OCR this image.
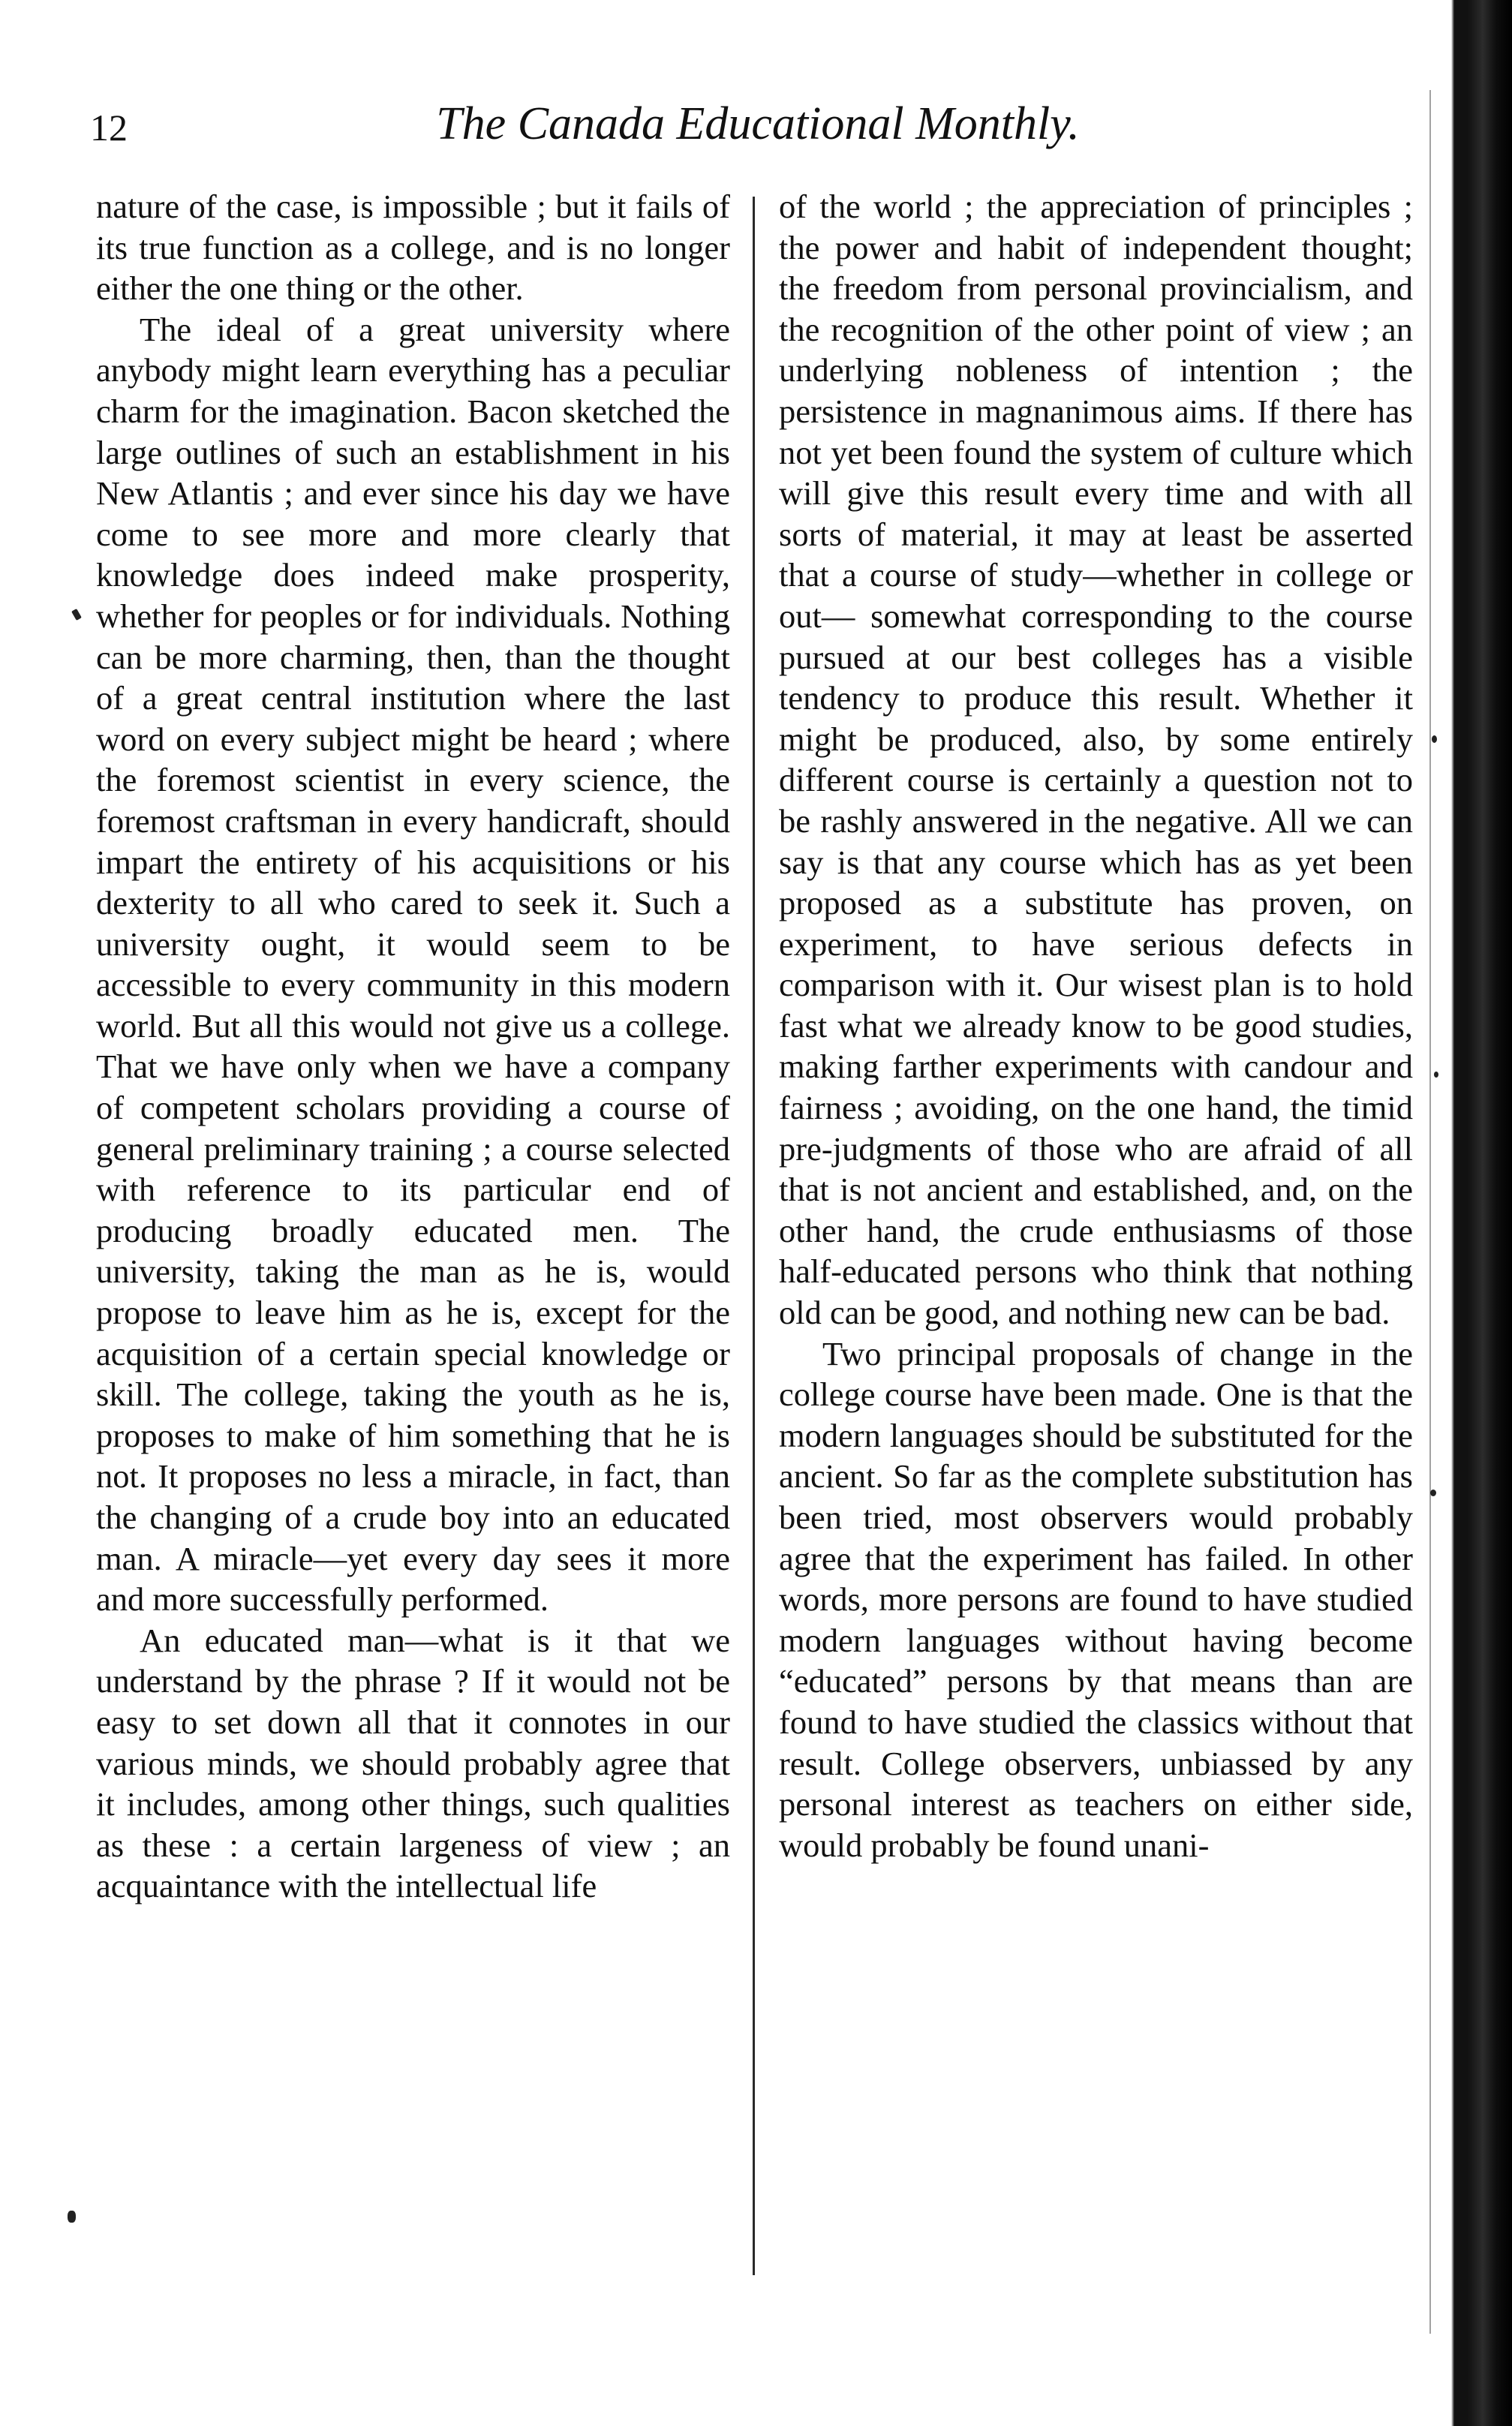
12	The Canada Educational Monthly.

nature of the case, is impossible ; but it fails of its true function as a college, and is no longer either the one thing or the other.

The ideal of a great university where anybody might learn everything has a peculiar charm for the imagination. Bacon sketched the large outlines of such an establishment in his New Atlantis ; and ever since his day we have come to see more and more clearly that knowledge does indeed make prosperity, whether for peoples or for individuals. Nothing can be more charming, then, than the thought of a great central institution where the last word on every subject might be heard ; where the foremost scientist in every science, the foremost craftsman in every handicraft, should impart the entirety of his acquisitions or his dexterity to all who cared to seek it. Such a university ought, it would seem to be accessible to every community in this modern world. But all this would not give us a college. That we have only when we have a company of competent scholars providing a course of general preliminary training ; a course selected with reference to its particular end of producing broadly educated men. The university, taking the man as he is, would propose to leave him as he is, except for the acquisition of a certain special knowledge or skill. The college, taking the youth as he is, proposes to make of him something that he is not. It proposes no less a miracle, in fact, than the changing of a crude boy into an educated man. A miracle—yet every day sees it more and more successfully performed.

An educated man—what is it that we understand by the phrase ? If it would not be easy to set down all that it connotes in our various minds, we should probably agree that it includes, among other things, such qualities as these : a certain largeness of view ; an acquaintance with the intellectual life

of the world ; the appreciation of principles ; the power and habit of independent thought; the freedom from personal provincialism, and the recognition of the other point of view ; an underlying nobleness of intention ; the persistence in magnanimous aims. If there has not yet been found the system of culture which will give this result every time and with all sorts of material, it may at least be asserted that a course of study—whether in college or out— somewhat corresponding to the course pursued at our best colleges has a visible tendency to produce this result. Whether it might be produced, also, by some entirely different course is certainly a question not to be rashly answered in the negative. All we can say is that any course which has as yet been proposed as a substitute has proven, on experiment, to have serious defects in comparison with it. Our wisest plan is to hold fast what we already know to be good studies, making farther experiments with candour and fairness ; avoiding, on the one hand, the timid pre-judgments of those who are afraid of all that is not ancient and established, and, on the other hand, the crude enthusiasms of those half-educated persons who think that nothing old can be good, and nothing new can be bad.

Two principal proposals of change in the college course have been made. One is that the modern languages should be substituted for the ancient. So far as the complete substitution has been tried, most observers would probably agree that the experiment has failed. In other words, more persons are found to have studied modern languages without having become “educated” persons by that means than are found to have studied the classics without that result. College observers, unbiassed by any personal interest as teachers on either side, would probably be found unani-
